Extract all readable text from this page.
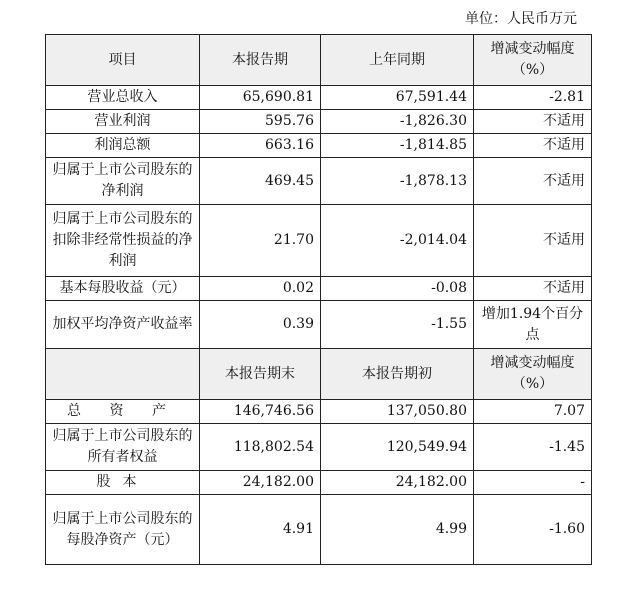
单位：人民币万元
项目	本报告期	上年同期	增减变动幅度（%）
营业总收入	65,690.81	67,591.44	-2.81
营业利润	595.76	-1,826.30	不适用
利润总额	663.16	-1,814.85	不适用
归属于上市公司股东的净利润	469.45	-1,878.13	不适用
归属于上市公司股东的扣除非经常性损益的净利润	21.70	-2,014.04	不适用
基本每股收益（元）	0.02	-0.08	不适用
加权平均净资产收益率	0.39	-1.55	增加1.94个百分点
	本报告期末	本报告期初	增减变动幅度（%）
总 资 产	146,746.56	137,050.80	7.07
归属于上市公司股东的所有者权益	118,802.54	120,549.94	-1.45
股本	24,182.00	24,182.00	-
归属于上市公司股东的每股净资产（元）	4.91	4.99	-1.60
